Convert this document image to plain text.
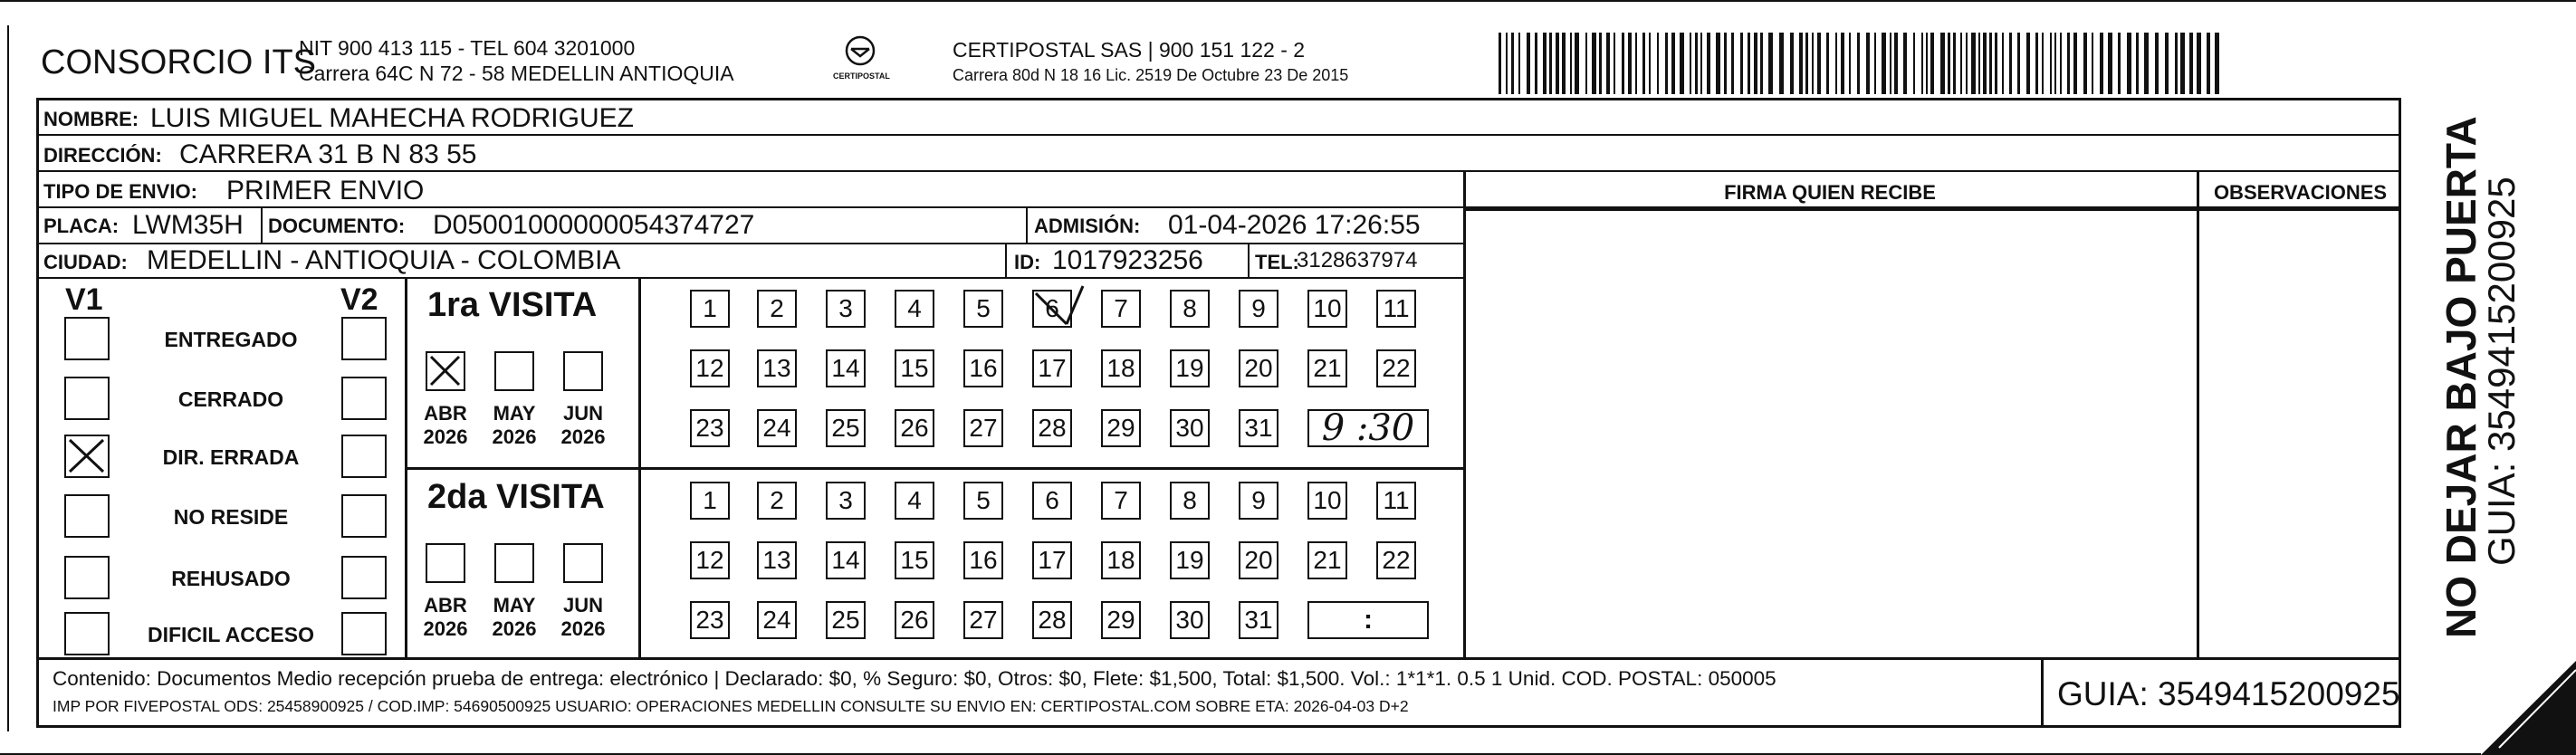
CONSORCIO ITS
NIT 900 413 115 - TEL 604 3201000
Carrera 64C N 72 - 58 MEDELLIN ANTIOQUIA	CERTIPOSTAL
CERTIPOSTAL SAS | 900 151 122 - 2
Carrera 80d N 18 16 Lic. 2519 De Octubre 23 De 2015
NOMBRE: LUIS MIGUEL MAHECHA RODRIGUEZ
DIRECCIÓN: CARRERA 31 B N 83 55
TIPO DE ENVIO: PRIMER ENVIO
PLACA: LWM35H DOCUMENTO: D05001000000054374727	ADMISIÓN: 01-04-2026 17:26:55
CIUDAD: MEDELLIN - ANTIOQUIA - COLOMBIA	ID: 1017923256	TEL:
3128637974
FIRMA QUIEN RECIBE	OBSERVACIONES	NO DEJAR BAJO PUERTA
GUIA: 3549415200925
V1	V2
ENTREGADO
CERRADO
DIR. ERRADA
NO RESIDE
REHUSADO
DIFICIL ACCESO
1ra VISITA
ABR
2026
MAY
2026
JUN
2026
1 2 3 4 5 6 7 8 9 10 11
12 13 14 15 16 17 18 19 20 21 22
23 24 25 26 27 28 29 30 31 9 :30
2da VISITA
ABR
2026
MAY
2026
JUN
2026
1 2 3 4 5 6 7 8 9 10 11
12 13 14 15 16 17 18 19 20 21 22
23 24 25 26 27 28 29 30 31	:
Contenido: Documentos Medio recepción prueba de entrega: electrónico | Declarado: $0, % Seguro: $0, Otros: $0, Flete: $1,500, Total: $1,500. Vol.: 1*1*1. 0.5 1 Unid. COD. POSTAL: 050005
IMP POR FIVEPOSTAL ODS: 25458900925 / COD.IMP: 54690500925 USUARIO: OPERACIONES MEDELLIN CONSULTE SU ENVIO EN: CERTIPOSTAL.COM SOBRE ETA: 2026-04-03 D+2	GUIA: 3549415200925
